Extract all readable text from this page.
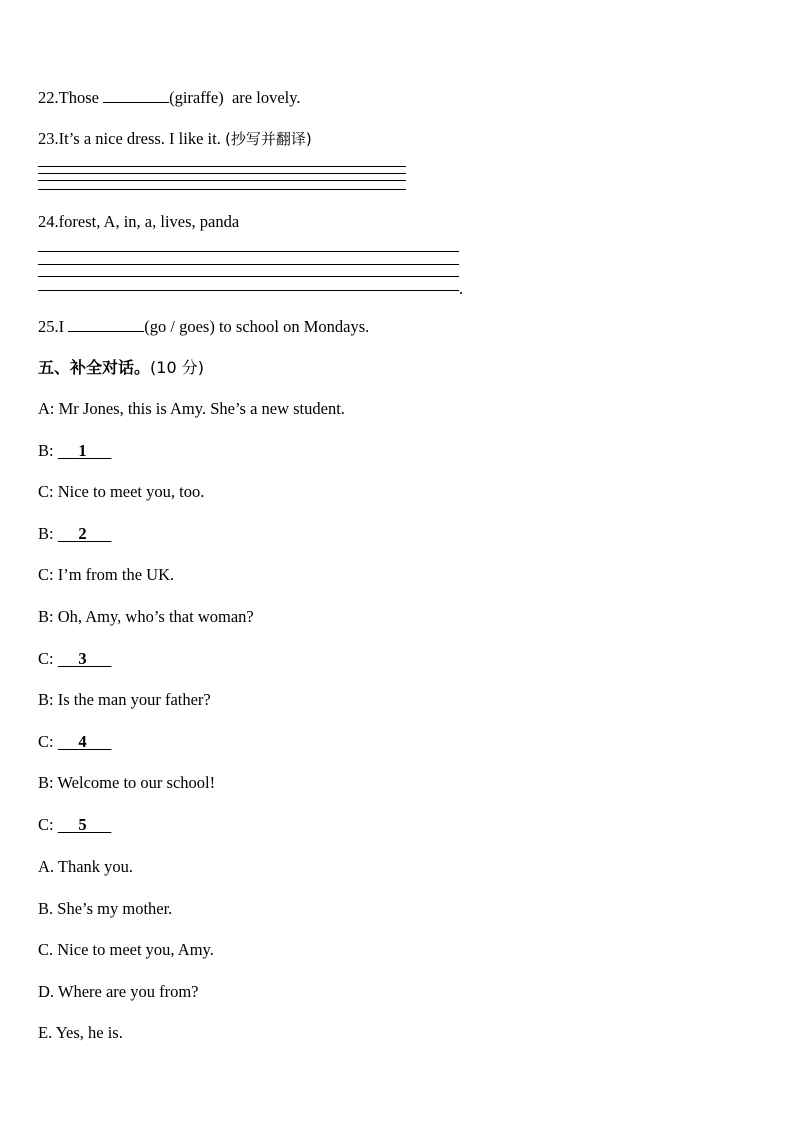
22.Those	(giraffe) are lovely.
23.It’s a nice dress. I like it. (抄写并翻译)
24.forest, A, in, a, lives, panda
.
25.I	(go / goes) to school on Mondays.
五、补全对话。(10 分)
A: Mr Jones, this is Amy. She’s a new student.
B: 1
C: Nice to meet you, too.
B: 2
C: I’m from the UK.
B: Oh, Amy, who’s that woman?
C: 3
B: Is the man your father?
C: 4
B: Welcome to our school!
C: 5
A. Thank you.
B. She’s my mother.
C. Nice to meet you, Amy.
D. Where are you from?
E. Yes, he is.
